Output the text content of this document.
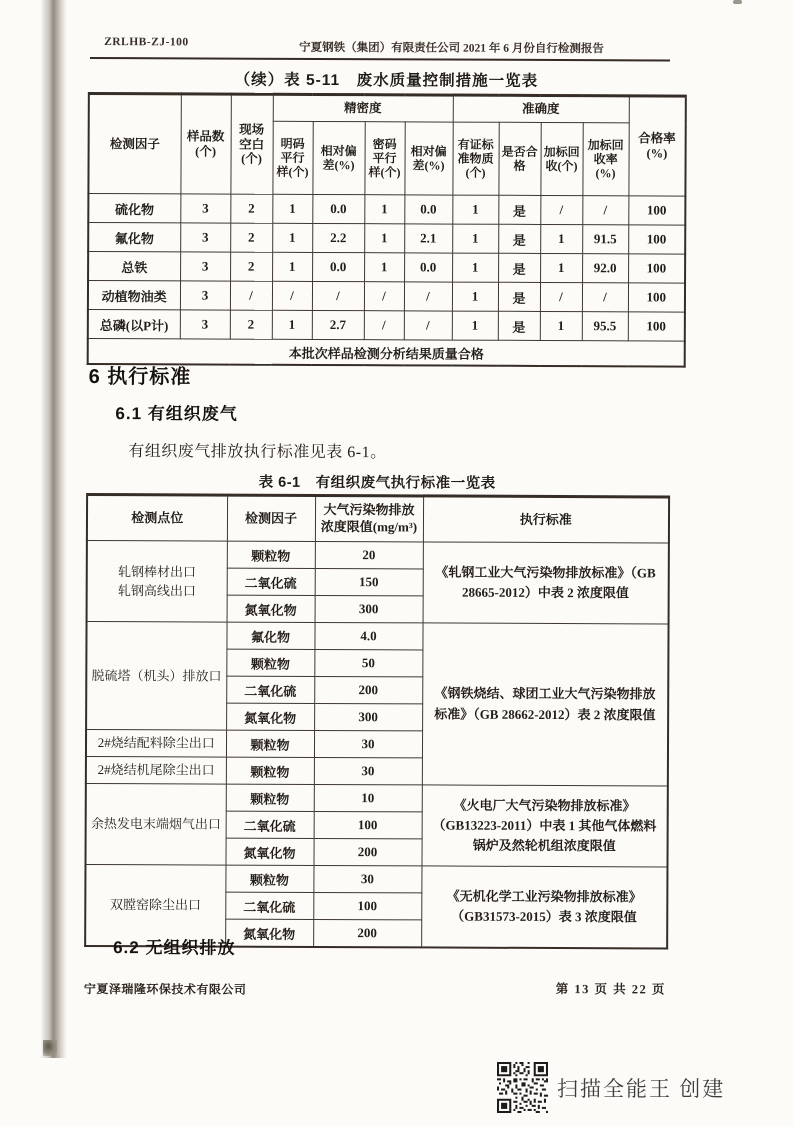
ZRLHB-ZJ-100	宁夏钢铁（集团）有限责任公司 2021 年 6 月份自行检测报告
（续）表 5-11　废水质量控制措施一览表
检测因子	样品数(个)	现场空白(个)	精密度				准确度				合格率(%)
			明码平行样(个)	相对偏差(%)	密码平行样(个)	相对偏差(%)	有证标准物质(个)	是否合格	加标回收(个)	加标回收率(%)	
硫化物	3	2	1	0.0	1	0.0	1	是	/	/	100
氟化物	3	2	1	2.2	1	2.1	1	是	1	91.5	100
总铁	3	2	1	0.0	1	0.0	1	是	1	92.0	100
动植物油类	3	/	/	/	/	/	1	是	/	/	100
总磷(以P计)	3	2	1	2.7	/	/	1	是	1	95.5	100
本批次样品检测分析结果质量合格											
6 执行标准
6.1 有组织废气
有组织废气排放执行标准见表 6-1。
表 6-1　有组织废气执行标准一览表
检测点位	检测因子	大气污染物排放浓度限值(mg/m³)	执行标准
轧钢棒材出口
轧钢高线出口	颗粒物	20	《轧钢工业大气污染物排放标准》（GB 28665-2012）中表 2 浓度限值
	二氧化硫	150	
	氮氧化物	300	
脱硫塔（机头）排放口	氟化物	4.0	《钢铁烧结、球团工业大气污染物排放标准》（GB 28662-2012）表 2 浓度限值
	颗粒物	50	
	二氧化硫	200	
	氮氧化物	300	
2#烧结配料除尘出口	颗粒物	30	
2#烧结机尾除尘出口	颗粒物	30	
余热发电末端烟气出口	颗粒物	10	《火电厂大气污染物排放标准》（GB13223-2011）中表 1 其他气体燃料锅炉及然轮机组浓度限值
	二氧化硫	100	
	氮氧化物	200	
双膛窑除尘出口	颗粒物	30	《无机化学工业污染物排放标准》（GB31573-2015）表 3 浓度限值
	二氧化硫	100	
	氮氧化物	200	
6.2 无组织排放
宁夏泽瑞隆环保技术有限公司	第 13 页 共 22 页
扫描全能王 创建
